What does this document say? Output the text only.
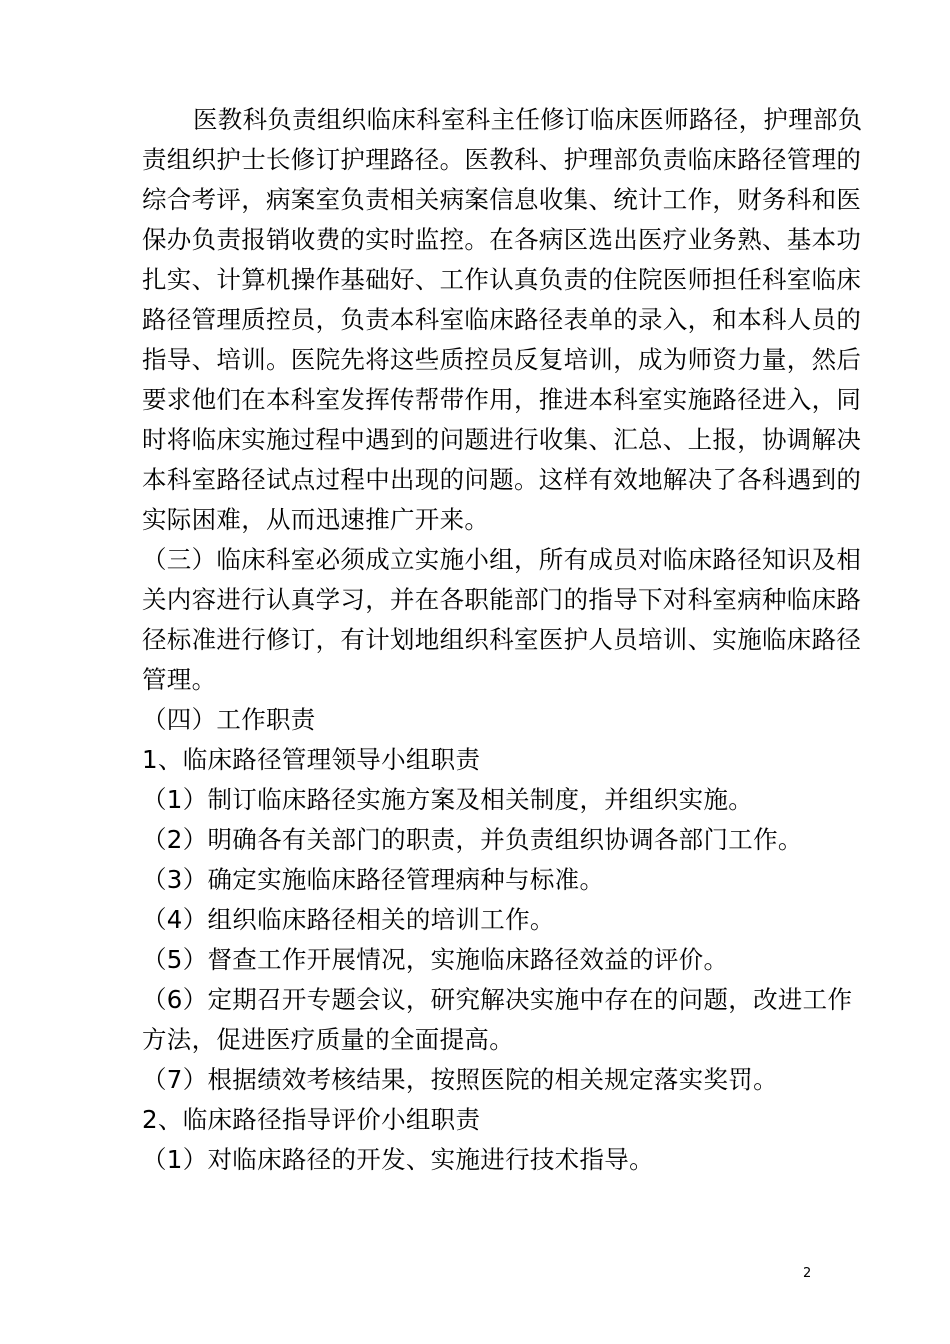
医教科负责组织临床科室科主任修订临床医师路径，护理部负

责组织护士长修订护理路径。医教科、护理部负责临床路径管理的

综合考评，病案室负责相关病案信息收集、统计工作，财务科和医

保办负责报销收费的实时监控。在各病区选出医疗业务熟、基本功

扎实、计算机操作基础好、工作认真负责的住院医师担任科室临床

路径管理质控员，负责本科室临床路径表单的录入，和本科人员的

指导、培训。医院先将这些质控员反复培训，成为师资力量，然后

要求他们在本科室发挥传帮带作用，推进本科室实施路径进入，同

时将临床实施过程中遇到的问题进行收集、汇总、上报，协调解决

本科室路径试点过程中出现的问题。这样有效地解决了各科遇到的

实际困难，从而迅速推广开来。

（三）临床科室必须成立实施小组，所有成员对临床路径知识及相

关内容进行认真学习，并在各职能部门的指导下对科室病种临床路

径标准进行修订，有计划地组织科室医护人员培训、实施临床路径

管理。

（四）工作职责

1、临床路径管理领导小组职责

（1）制订临床路径实施方案及相关制度，并组织实施。

（2）明确各有关部门的职责，并负责组织协调各部门工作。

（3）确定实施临床路径管理病种与标准。

（4）组织临床路径相关的培训工作。

（5）督查工作开展情况，实施临床路径效益的评价。

（6）定期召开专题会议，研究解决实施中存在的问题，改进工作

方法，促进医疗质量的全面提高。

（7）根据绩效考核结果，按照医院的相关规定落实奖罚。

2、临床路径指导评价小组职责

（1）对临床路径的开发、实施进行技术指导。

2
